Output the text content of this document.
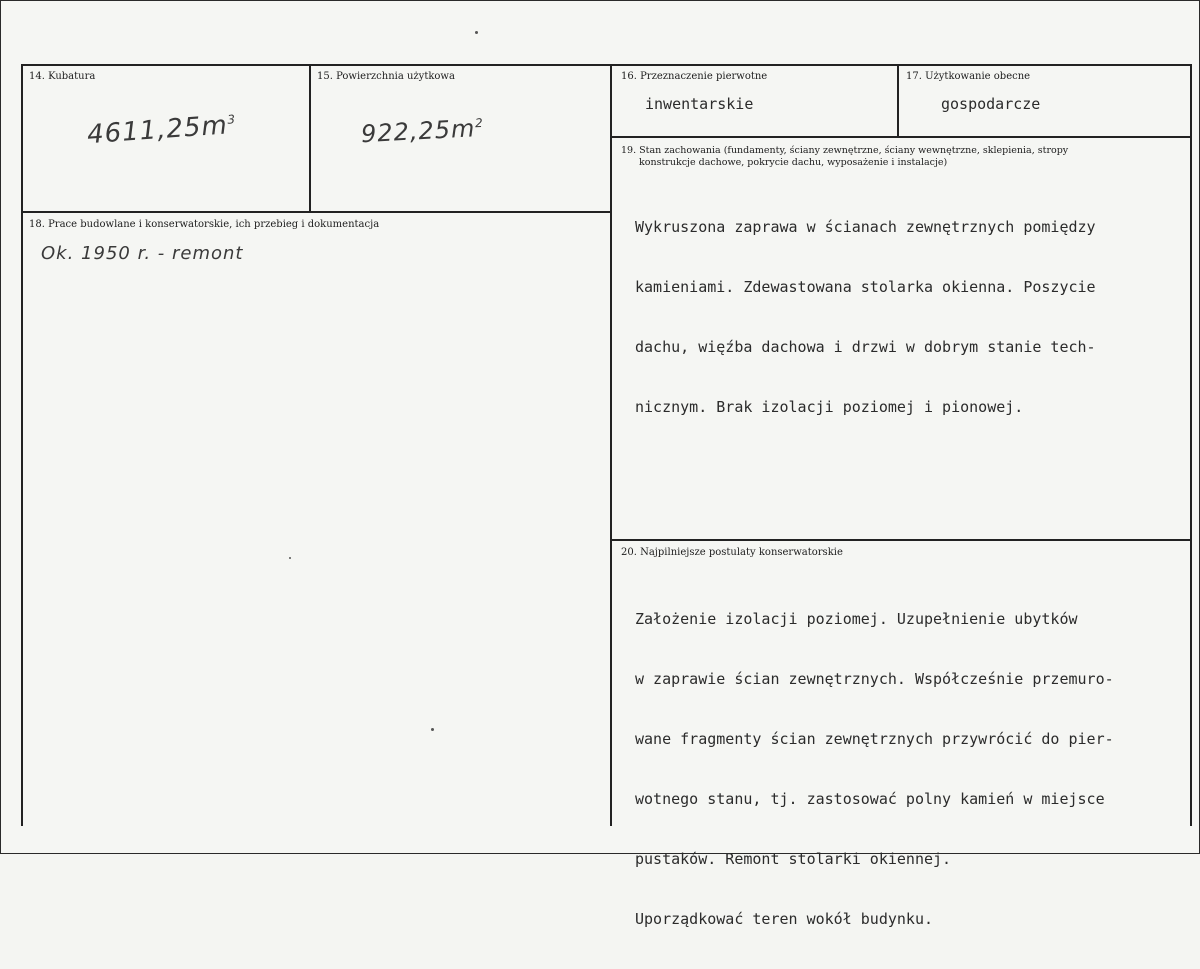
14. Kubatura
$4611,25m^3$
15. Powierzchnia użytkowa
$922,25m^2$
16. Przeznaczenie pierwotne
inwentarskie
17. Użytkowanie obecne
gospodarcze
18. Prace budowlane i konserwatorskie, ich przebieg i dokumentacja
Ok. 1950 r. - remont
19. Stan zachowania (fundamenty, ściany zewnętrzne, ściany wewnętrzne, sklepienia, stropy
konstrukcje dachowe, pokrycie dachu, wyposażenie i instalacje)

Wykruszona zaprawa w ścianach zewnętrznych pomiędzy

kamieniami. Zdewastowana stolarka okienna. Poszycie

dachu, więźba dachowa i drzwi w dobrym stanie tech-

nicznym. Brak izolacji poziomej i pionowej.

20. Najpilniejsze postulaty konserwatorskie

Założenie izolacji poziomej. Uzupełnienie ubytków

w zaprawie ścian zewnętrznych. Współcześnie przemuro-

wane fragmenty ścian zewnętrznych przywrócić do pier-

wotnego stanu, tj. zastosować polny kamień w miejsce

pustaków. Remont stolarki okiennej.

Uporządkować teren wokół budynku.
